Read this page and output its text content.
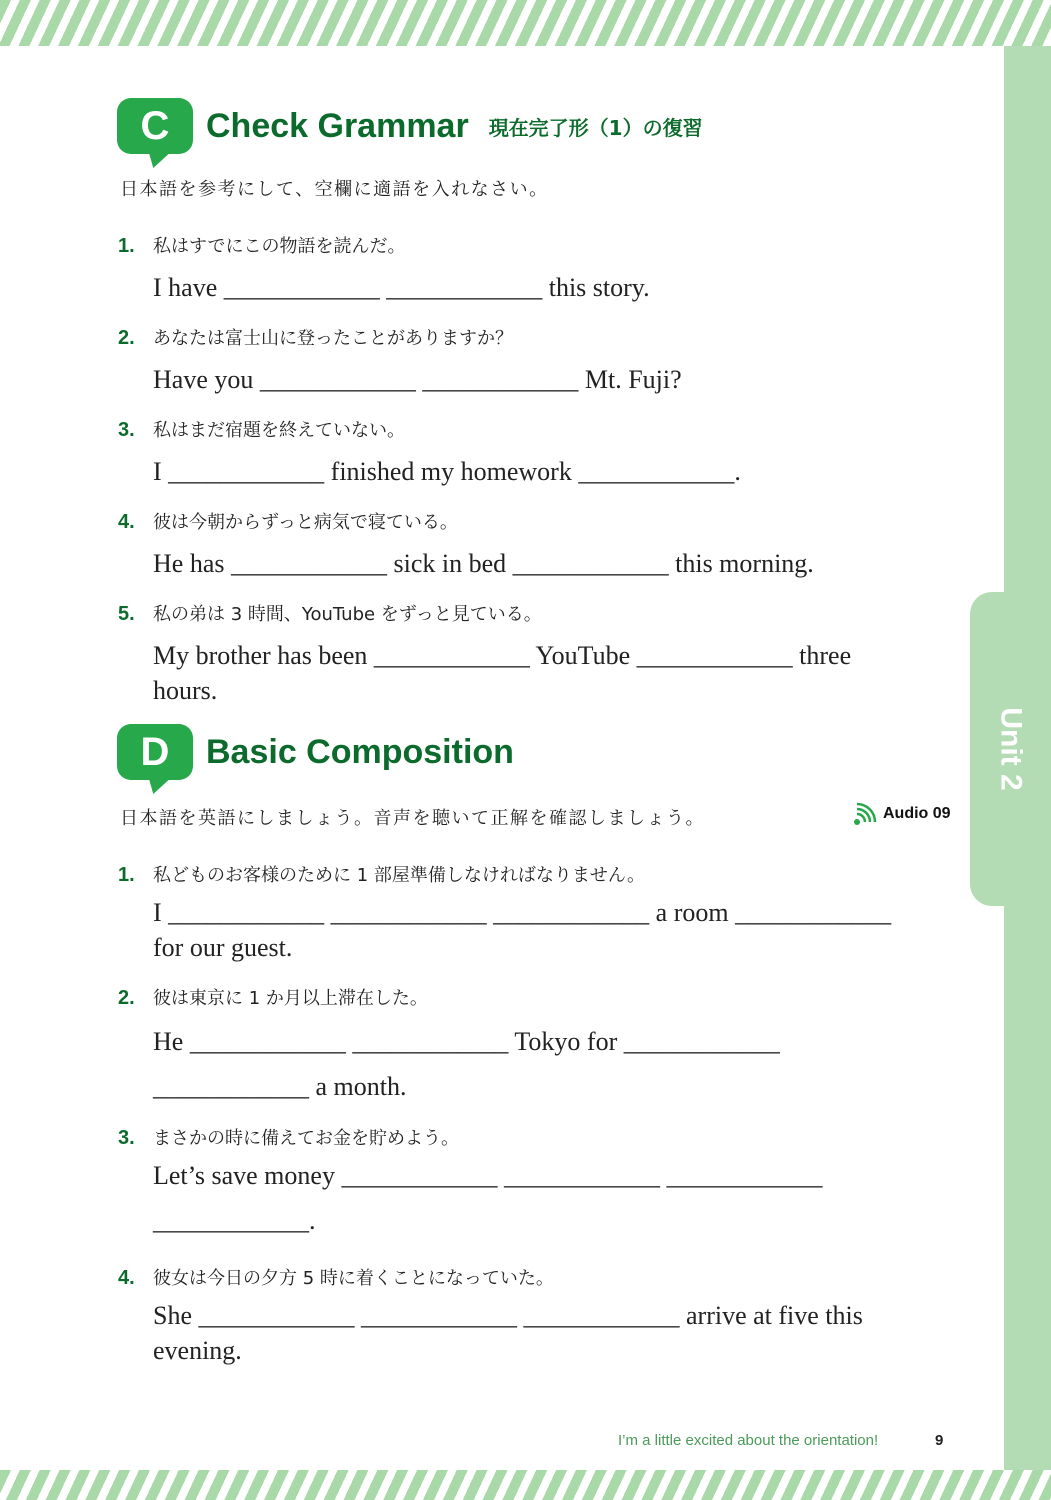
Unit 2
C	Check Grammar 現在完了形（1）の復習
日本語を参考にして、空欄に適語を入れなさい。
1.	私はすでにこの物語を読んだ。
I have ____________ ____________ this story.
2.	あなたは富士山に登ったことがありますか？
Have you ____________ ____________ Mt. Fuji?
3.	私はまだ宿題を終えていない。
I ____________ finished my homework ____________.
4.	彼は今朝からずっと病気で寝ている。
He has ____________ sick in bed ____________ this morning.
5.	私の弟は 3 時間、YouTube をずっと見ている。
My brother has been ____________ YouTube ____________ three hours.
D	Basic Composition
日本語を英語にしましょう。音声を聴いて正解を確認しましょう。	Audio 09
1.	私どものお客様のために 1 部屋準備しなければなりません。
I ____________ ____________ ____________ a room ____________ for our guest.
2.	彼は東京に 1 か月以上滞在した。
He ____________ ____________ Tokyo for ____________
____________ a month.
3.	まさかの時に備えてお金を貯めよう。
Let’s save money ____________ ____________ ____________
____________.
4.	彼女は今日の夕方 5 時に着くことになっていた。
She ____________ ____________ ____________ arrive at five this evening.
I’m a little excited about the orientation!	9
